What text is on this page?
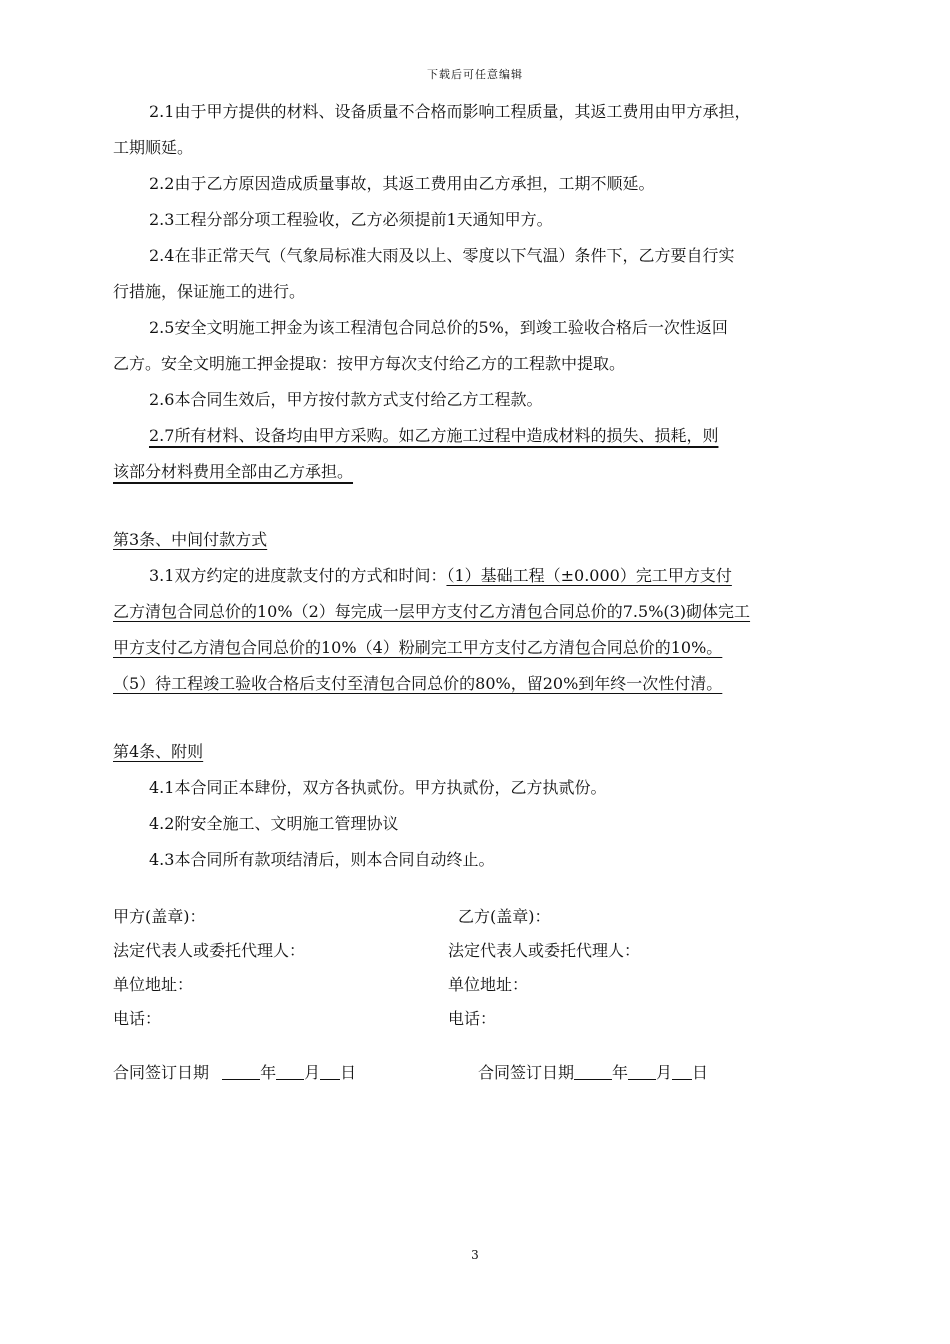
下载后可任意编辑

2.1由于甲方提供的材料、设备质量不合格而影响工程质量，其返工费用由甲方承担，

工期顺延。

2.2由于乙方原因造成质量事故，其返工费用由乙方承担，工期不顺延。

2.3工程分部分项工程验收，乙方必须提前1天通知甲方。

2.4在非正常天气（气象局标准大雨及以上、零度以下气温）条件下，乙方要自行实

行措施，保证施工的进行。

2.5安全文明施工押金为该工程清包合同总价的5%，到竣工验收合格后一次性返回

乙方。安全文明施工押金提取：按甲方每次支付给乙方的工程款中提取。

2.6本合同生效后，甲方按付款方式支付给乙方工程款。

2.7所有材料、设备均由甲方采购。如乙方施工过程中造成材料的损失、损耗，则

该部分材料费用全部由乙方承担。

第3条、中间付款方式

3.1双方约定的进度款支付的方式和时间：（1）基础工程（±0.000）完工甲方支付

乙方清包合同总价的10%（2）每完成一层甲方支付乙方清包合同总价的7.5%(3)砌体完工

甲方支付乙方清包合同总价的10%（4）粉刷完工甲方支付乙方清包合同总价的10%。

（5）待工程竣工验收合格后支付至清包合同总价的80%，留20%到年终一次性付清。

第4条、附则

4.1本合同正本肆份，双方各执贰份。甲方执贰份，乙方执贰份。

4.2附安全施工、文明施工管理协议

4.3本合同所有款项结清后，则本合同自动终止。

甲方(盖章)：	乙方(盖章)：
法定代表人或委托代理人：	法定代表人或委托代理人：
单位地址：	单位地址：
电话：	电话：
合同签订日期	年 月 日	合同签订日期 年 月 日
3
